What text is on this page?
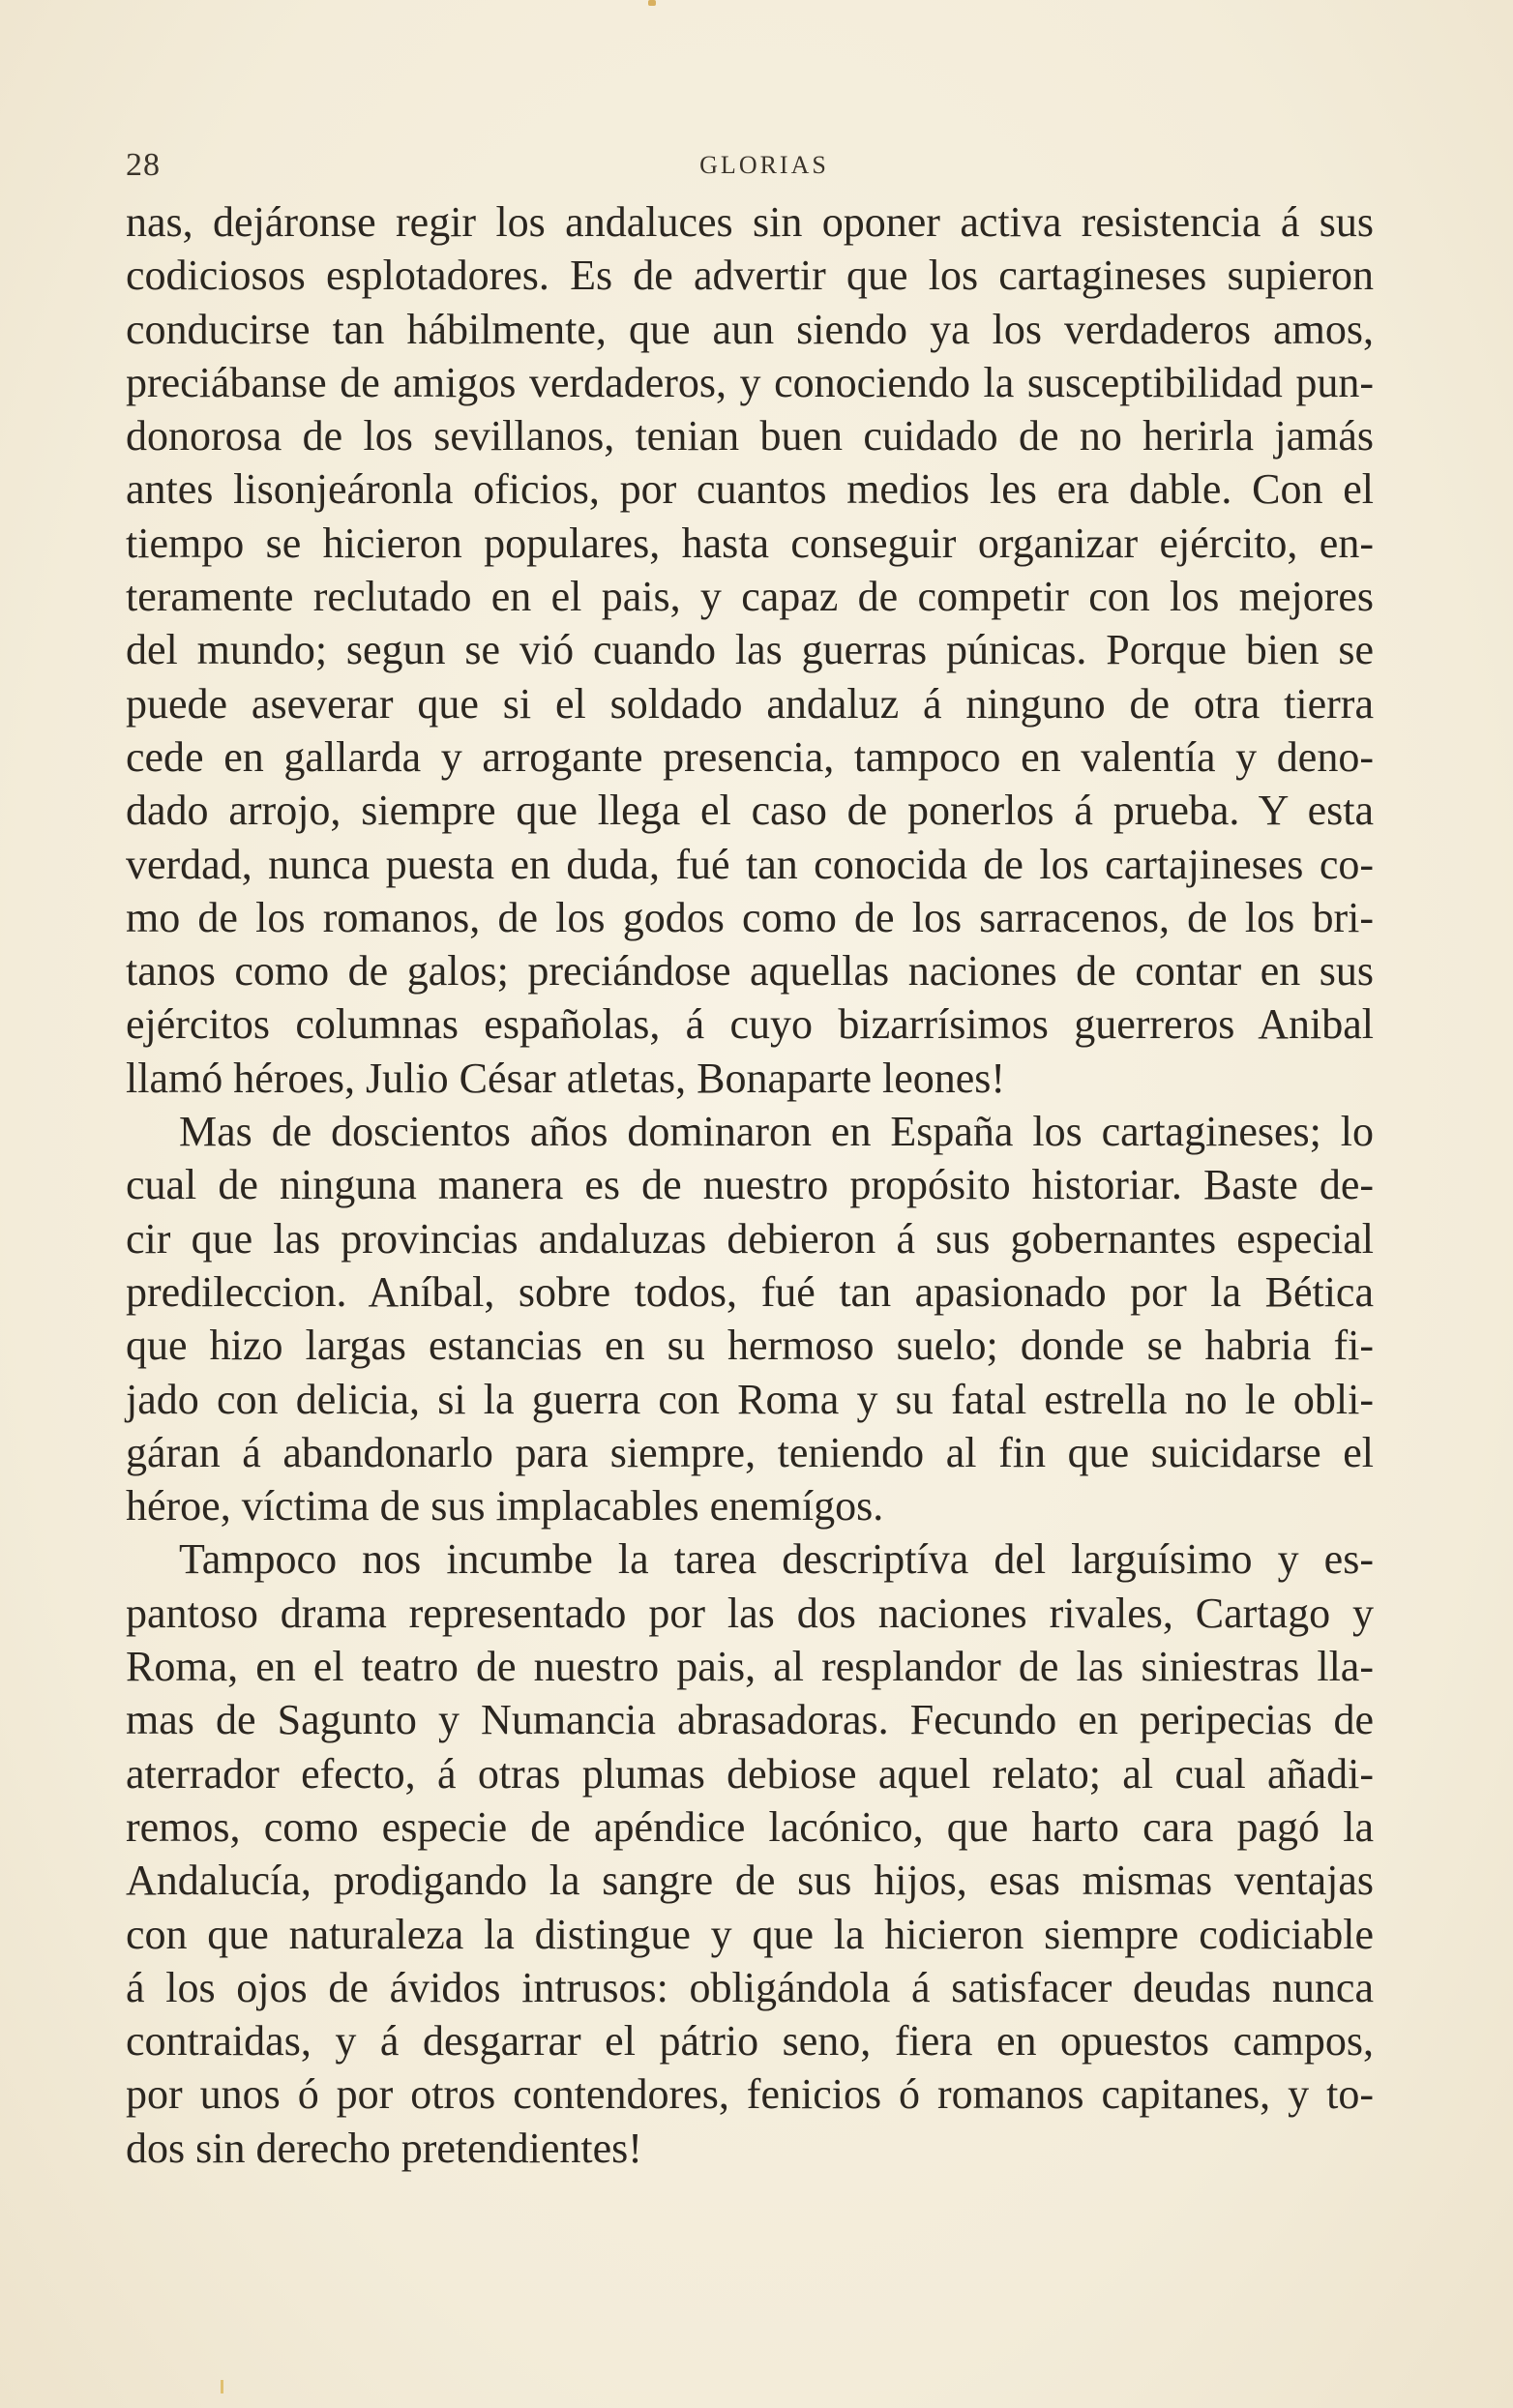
28	GLORIAS
nas, dejáronse regir los andaluces sin oponer activa resistencia á sus
codiciosos esplotadores. Es de advertir que los cartagineses supieron
conducirse tan hábilmente, que aun siendo ya los verdaderos amos,
preciábanse de amigos verdaderos, y conociendo la susceptibilidad pun-
donorosa de los sevillanos, tenian buen cuidado de no herirla jamás
antes lisonjeáronla oficios, por cuantos medios les era dable. Con el
tiempo se hicieron populares, hasta conseguir organizar ejército, en-
teramente reclutado en el pais, y capaz de competir con los mejores
del mundo; segun se vió cuando las guerras púnicas. Porque bien se
puede aseverar que si el soldado andaluz á ninguno de otra tierra
cede en gallarda y arrogante presencia, tampoco en valentía y deno-
dado arrojo, siempre que llega el caso de ponerlos á prueba. Y esta
verdad, nunca puesta en duda, fué tan conocida de los cartajineses co-
mo de los romanos, de los godos como de los sarracenos, de los bri-
tanos como de galos; preciándose aquellas naciones de contar en sus
ejércitos columnas españolas, á cuyo bizarrísimos guerreros Anibal
llamó héroes, Julio César atletas, Bonaparte leones!
Mas de doscientos años dominaron en España los cartagineses; lo
cual de ninguna manera es de nuestro propósito historiar. Baste de-
cir que las provincias andaluzas debieron á sus gobernantes especial
predileccion. Aníbal, sobre todos, fué tan apasionado por la Bética
que hizo largas estancias en su hermoso suelo; donde se habria fi-
jado con delicia, si la guerra con Roma y su fatal estrella no le obli-
gáran á abandonarlo para siempre, teniendo al fin que suicidarse el
héroe, víctima de sus implacables enemígos.
Tampoco nos incumbe la tarea descriptíva del larguísimo y es-
pantoso drama representado por las dos naciones rivales, Cartago y
Roma, en el teatro de nuestro pais, al resplandor de las siniestras lla-
mas de Sagunto y Numancia abrasadoras. Fecundo en peripecias de
aterrador efecto, á otras plumas debiose aquel relato; al cual añadi-
remos, como especie de apéndice lacónico, que harto cara pagó la
Andalucía, prodigando la sangre de sus hijos, esas mismas ventajas
con que naturaleza la distingue y que la hicieron siempre codiciable
á los ojos de ávidos intrusos: obligándola á satisfacer deudas nunca
contraidas, y á desgarrar el pátrio seno, fiera en opuestos campos,
por unos ó por otros contendores, fenicios ó romanos capitanes, y to-
dos sin derecho pretendientes!
